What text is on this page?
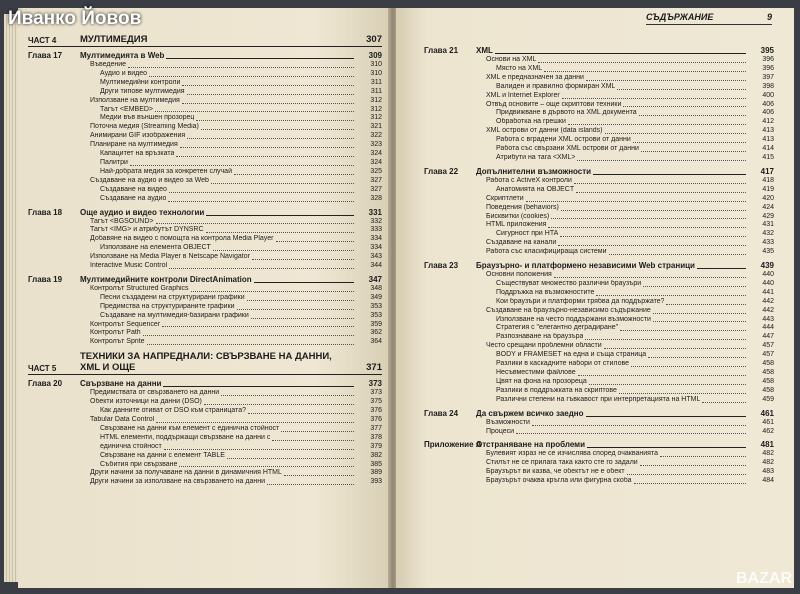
Иванко Йовов
ЧАСТ 4	МУЛТИМЕДИЯ	307
Глава 17	Мултимедията в Web	309
Въведение	310
Аудио и видео	310
Мултимедийни контроли	311
Други типове мултимедия	311
Използване на мултимедия	312
Тагът <EMBED>	312
Медии във външен прозорец	312
Поточна медия (Streaming Media)	321
Анимирани GIF изображения	322
Планиране на мултимедия	323
Капацитет на връзката	324
Палитри	324
Най-добрата медия за конкретен случай	325
Създаване на аудио и видео за Web	327
Създаване на видео	327
Създаване на аудио	328
Глава 18	Още аудио и видео технологии	331
Тагът <BGSOUND>	332
Тагът <IMG> и атрибутът DYNSRC	333
Добавяне на видео с помощта на контрола Media Player	334
Използване на елемента OBJECT	334
Използване на Media Player в Netscape Navigator	343
Interactive Music Control	344
Глава 19	Мултимедийните контроли DirectAnimation	347
Контролът Structured Graphics	348
Песни създадени на структурирани графики	349
Предимства на структурираните графики	353
Създаване на мултимедия-базирани графики	353
Контролът Sequencer	359
Контролът Path	362
Контролът Sprite	364
ЧАСТ 5
ТЕХНИКИ ЗА НАПРЕДНАЛИ: СВЪРЗВАНЕ НА ДАННИ, XML И ОЩЕ	371
Глава 20	Свързване на данни	373
Предимствата от свързването на данни	373
Обекти източници на данни (DSO)	375
Как данните отиват от DSO към страницата?	376
Tabular Data Control	376
Свързване на данни към елемент с единична стойност	377
HTML елементи, поддържащи свързване на данни с	378
единична стойност	379
Свързване на данни с елемент TABLE	382
Събития при свързване	385
Други начини за получаване на данни в динамичния HTML	389
Други начини за използване на свързването на данни	393
СЪДЪРЖАНИЕ	9
Глава 21	XML	395
Основи на XML	396
Място на XML	396
XML е предназначен за данни	397
Валиден и правилно формиран XML	398
XML и Internet Explorer	400
Отвъд основите – още скриптови техники	406
Придвижване в дървото на XML документа	406
Обработка на грешки	412
XML острови от данни (data islands)	413
Работа с вградени XML острови от данни	413
Работа със свързани XML острови от данни	414
Атрибути на тага <XML>	415
Глава 22	Допълнителни възможности	417
Работа с ActiveX контроли	418
Анатомията на OBJECT	419
Скриптлети	420
Поведения (behaviors)	424
Бисквитки (cookies)	429
HTML приложения	431
Сигурност при HTA	432
Създаване на канали	433
Работа със класифицираща системи	435
Глава 23	Браузърно- и платформено независими Web страници	439
Основни положения	440
Съществуват множество различни браузъри	440
Поддръжка на възможностите	441
Кои браузъри и платформи трябва да поддържате?	442
Създаване на браузърно-независимо съдържание	442
Използване на често поддържани възможности	443
Стратегия с "елегантно деградиране"	444
Разпознаване на браузъра	447
Често срещани проблемни области	457
BODY и FRAMESET на една и съща страница	457
Разлики в каскадните набори от стилове	458
Несъвместими файлове	458
Цвят на фона на прозореца	458
Разлики в поддръжката на скриптове	458
Различни степени на гъвкавост при интерпретацията на HTML	459
Глава 24	Да свържем всичко заедно	461
Възможности	461
Процеси	462
Приложение А
Отстраняване на проблеми	481
Булевият израз не се изчислява според очакванията	482
Стилът не се прилага така както сте го задали	482
Браузърът ви казва, че обектът не е обект	483
Браузърът очаква кръгла или фигурна скоба	484
BAZAR
